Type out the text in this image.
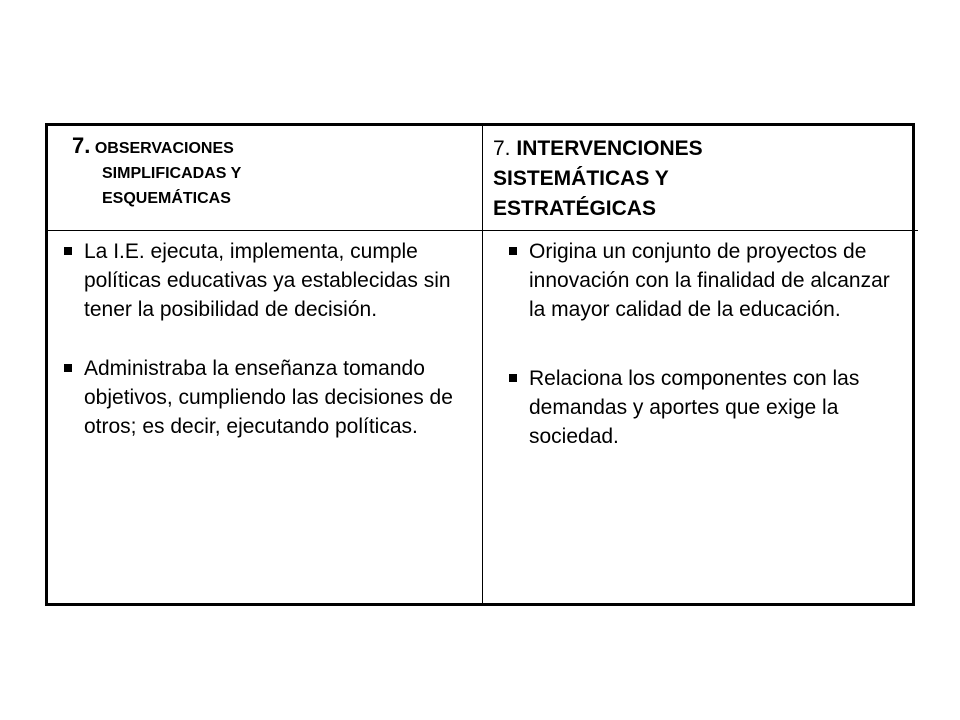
7. OBSERVACIONES
SIMPLIFICADAS Y
ESQUEMÁTICAS
7. INTERVENCIONES
SISTEMÁTICAS Y
ESTRATÉGICAS
La I.E. ejecuta, implementa, cumple políticas educativas ya establecidas sin tener la posibilidad de decisión.
Administraba la enseñanza tomando objetivos, cumpliendo las decisiones de otros; es decir, ejecutando políticas.
Origina un conjunto de proyectos de innovación con la finalidad de alcanzar la mayor calidad de la educación.
Relaciona los componentes con las demandas y aportes que exige la sociedad.
